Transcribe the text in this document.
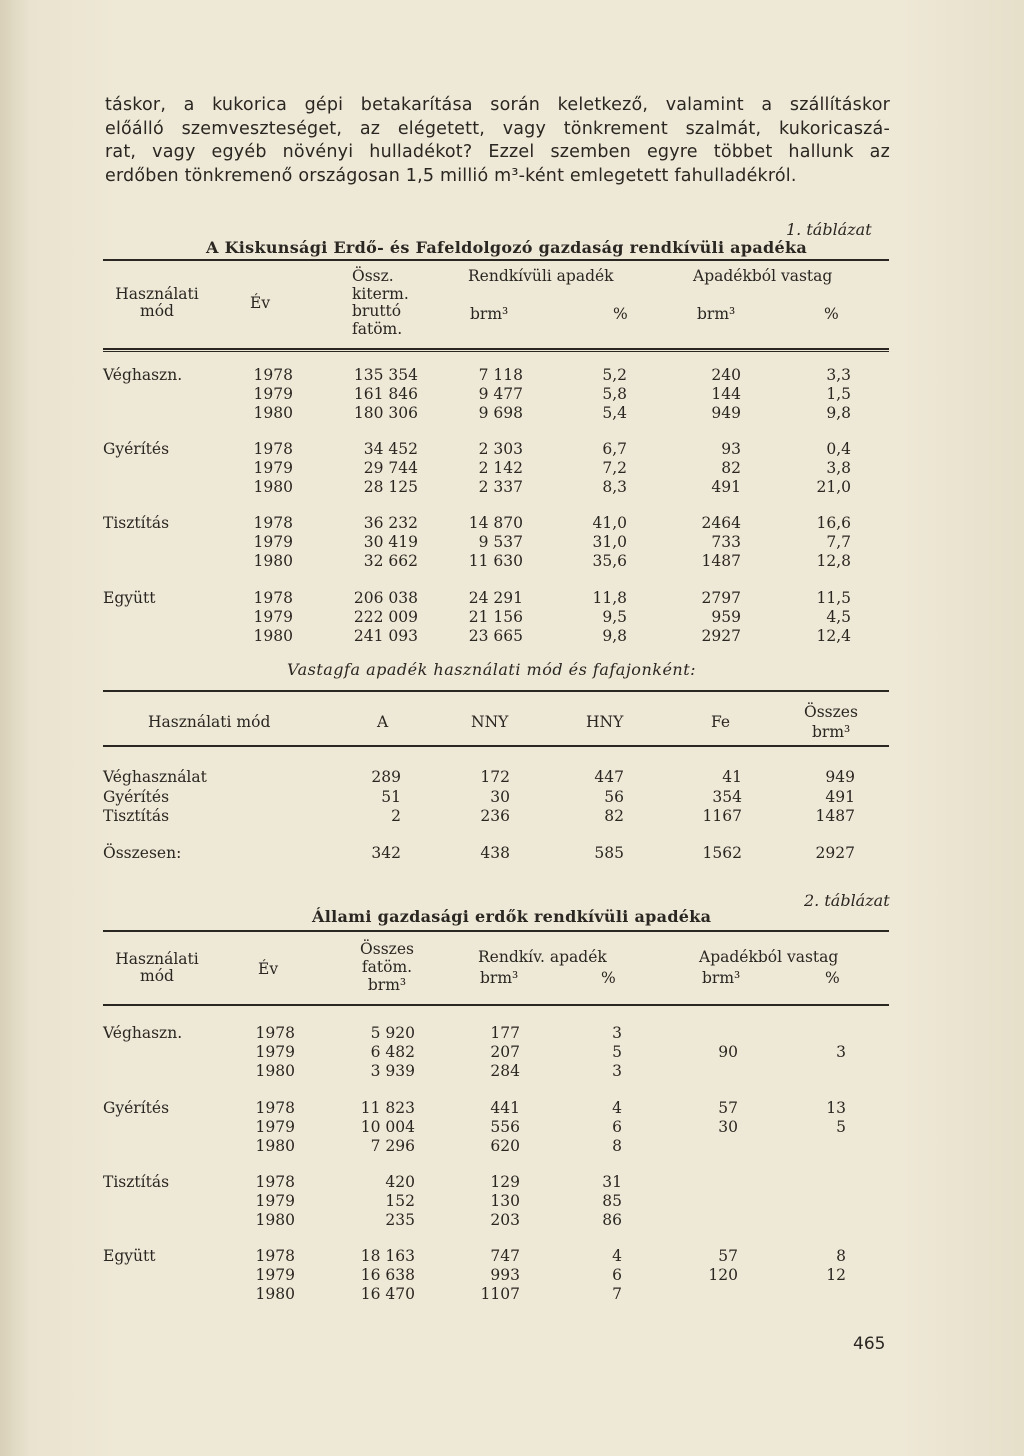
táskor, a kukorica gépi betakarítása során keletkező, valamint a szállításkor
előálló szemveszteséget, az elégetett, vagy tönkrement szalmát, kukoricaszá-
rat, vagy egyéb növényi hulladékot? Ezzel szemben egyre többet hallunk az
erdőben tönkremenő országosan 1,5 millió m³-ként emlegetett fahulladékról.
1. táblázat
A Kiskunsági Erdő- és Fafeldolgozó gazdaság rendkívüli apadéka
Használati
mód	Év
Össz.
kiterm.
bruttó
fatöm.
Rendkívüli apadék	Apadékból vastag
brm³	%	brm³	%
Véghaszn.	1978	135 354	7 118	5,2	240	3,3
1979	161 846	9 477	5,8	144	1,5
1980	180 306	9 698	5,4	949	9,8
Gyérítés	1978	34 452	2 303	6,7	93	0,4
1979	29 744	2 142	7,2	82	3,8
1980	28 125	2 337	8,3	491	21,0
Tisztítás	1978	36 232	14 870	41,0	2464	16,6
1979	30 419	9 537	31,0	733	7,7
1980	32 662	11 630	35,6	1487	12,8
Együtt	1978	206 038	24 291	11,8	2797	11,5
1979	222 009	21 156	9,5	959	4,5
1980	241 093	23 665	9,8	2927	12,4
Vastagfa apadék használati mód és fafajonként:
Használati mód	A	NNY	HNY	Fe
Összes
brm³
Véghasználat	289	172	447	41	949
Gyérítés	51	30	56	354	491
Tisztítás	2	236	82	1167	1487
Összesen:	342	438	585	1562	2927
2. táblázat
Állami gazdasági erdők rendkívüli apadéka
Használati
mód	Év
Összes
fatöm.
brm³
Rendkív. apadék
brm³	%
Apadékból vastag
brm³	%
Véghaszn.	1978	5 920	177	3
1979	6 482	207	5	90	3
1980	3 939	284	3
Gyérítés	1978	11 823	441	4	57	13
1979	10 004	556	6	30	5
1980	7 296	620	8
Tisztítás	1978	420	129	31
1979	152	130	85
1980	235	203	86
Együtt	1978	18 163	747	4	57	8
1979	16 638	993	6	120	12
1980	16 470	1107	7
465
